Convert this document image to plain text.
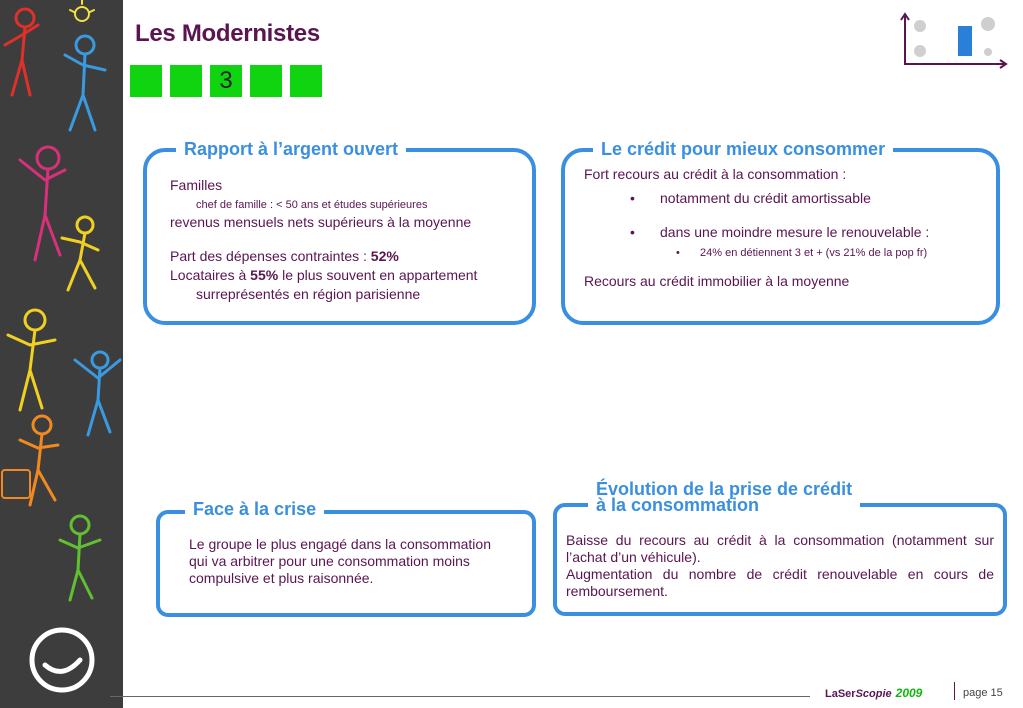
Les Modernistes
3
Rapport à l’argent ouvert
Familles
chef de famille : < 50 ans et études supérieures
revenus mensuels nets supérieurs à la moyenne
Part des dépenses contraintes : 52%
Locataires à 55% le plus souvent en appartement
surreprésentés en région parisienne
Le crédit pour mieux consommer
Fort recours au crédit à la consommation :
• notamment du crédit amortissable
• dans une moindre mesure le renouvelable :
• 24% en détiennent 3 et + (vs 21% de la pop fr)
Recours au crédit immobilier à la moyenne
Face à la crise
Le groupe le plus engagé dans la consommation qui va arbitrer pour une consommation moins compulsive et plus raisonnée.
Évolution de la prise de crédit
à la consommation
Baisse du recours au crédit à la consommation (notamment sur l’achat d’un véhicule).
Augmentation du nombre de crédit renouvelable en cours de remboursement.
LaSerScopie 2009	page 15
